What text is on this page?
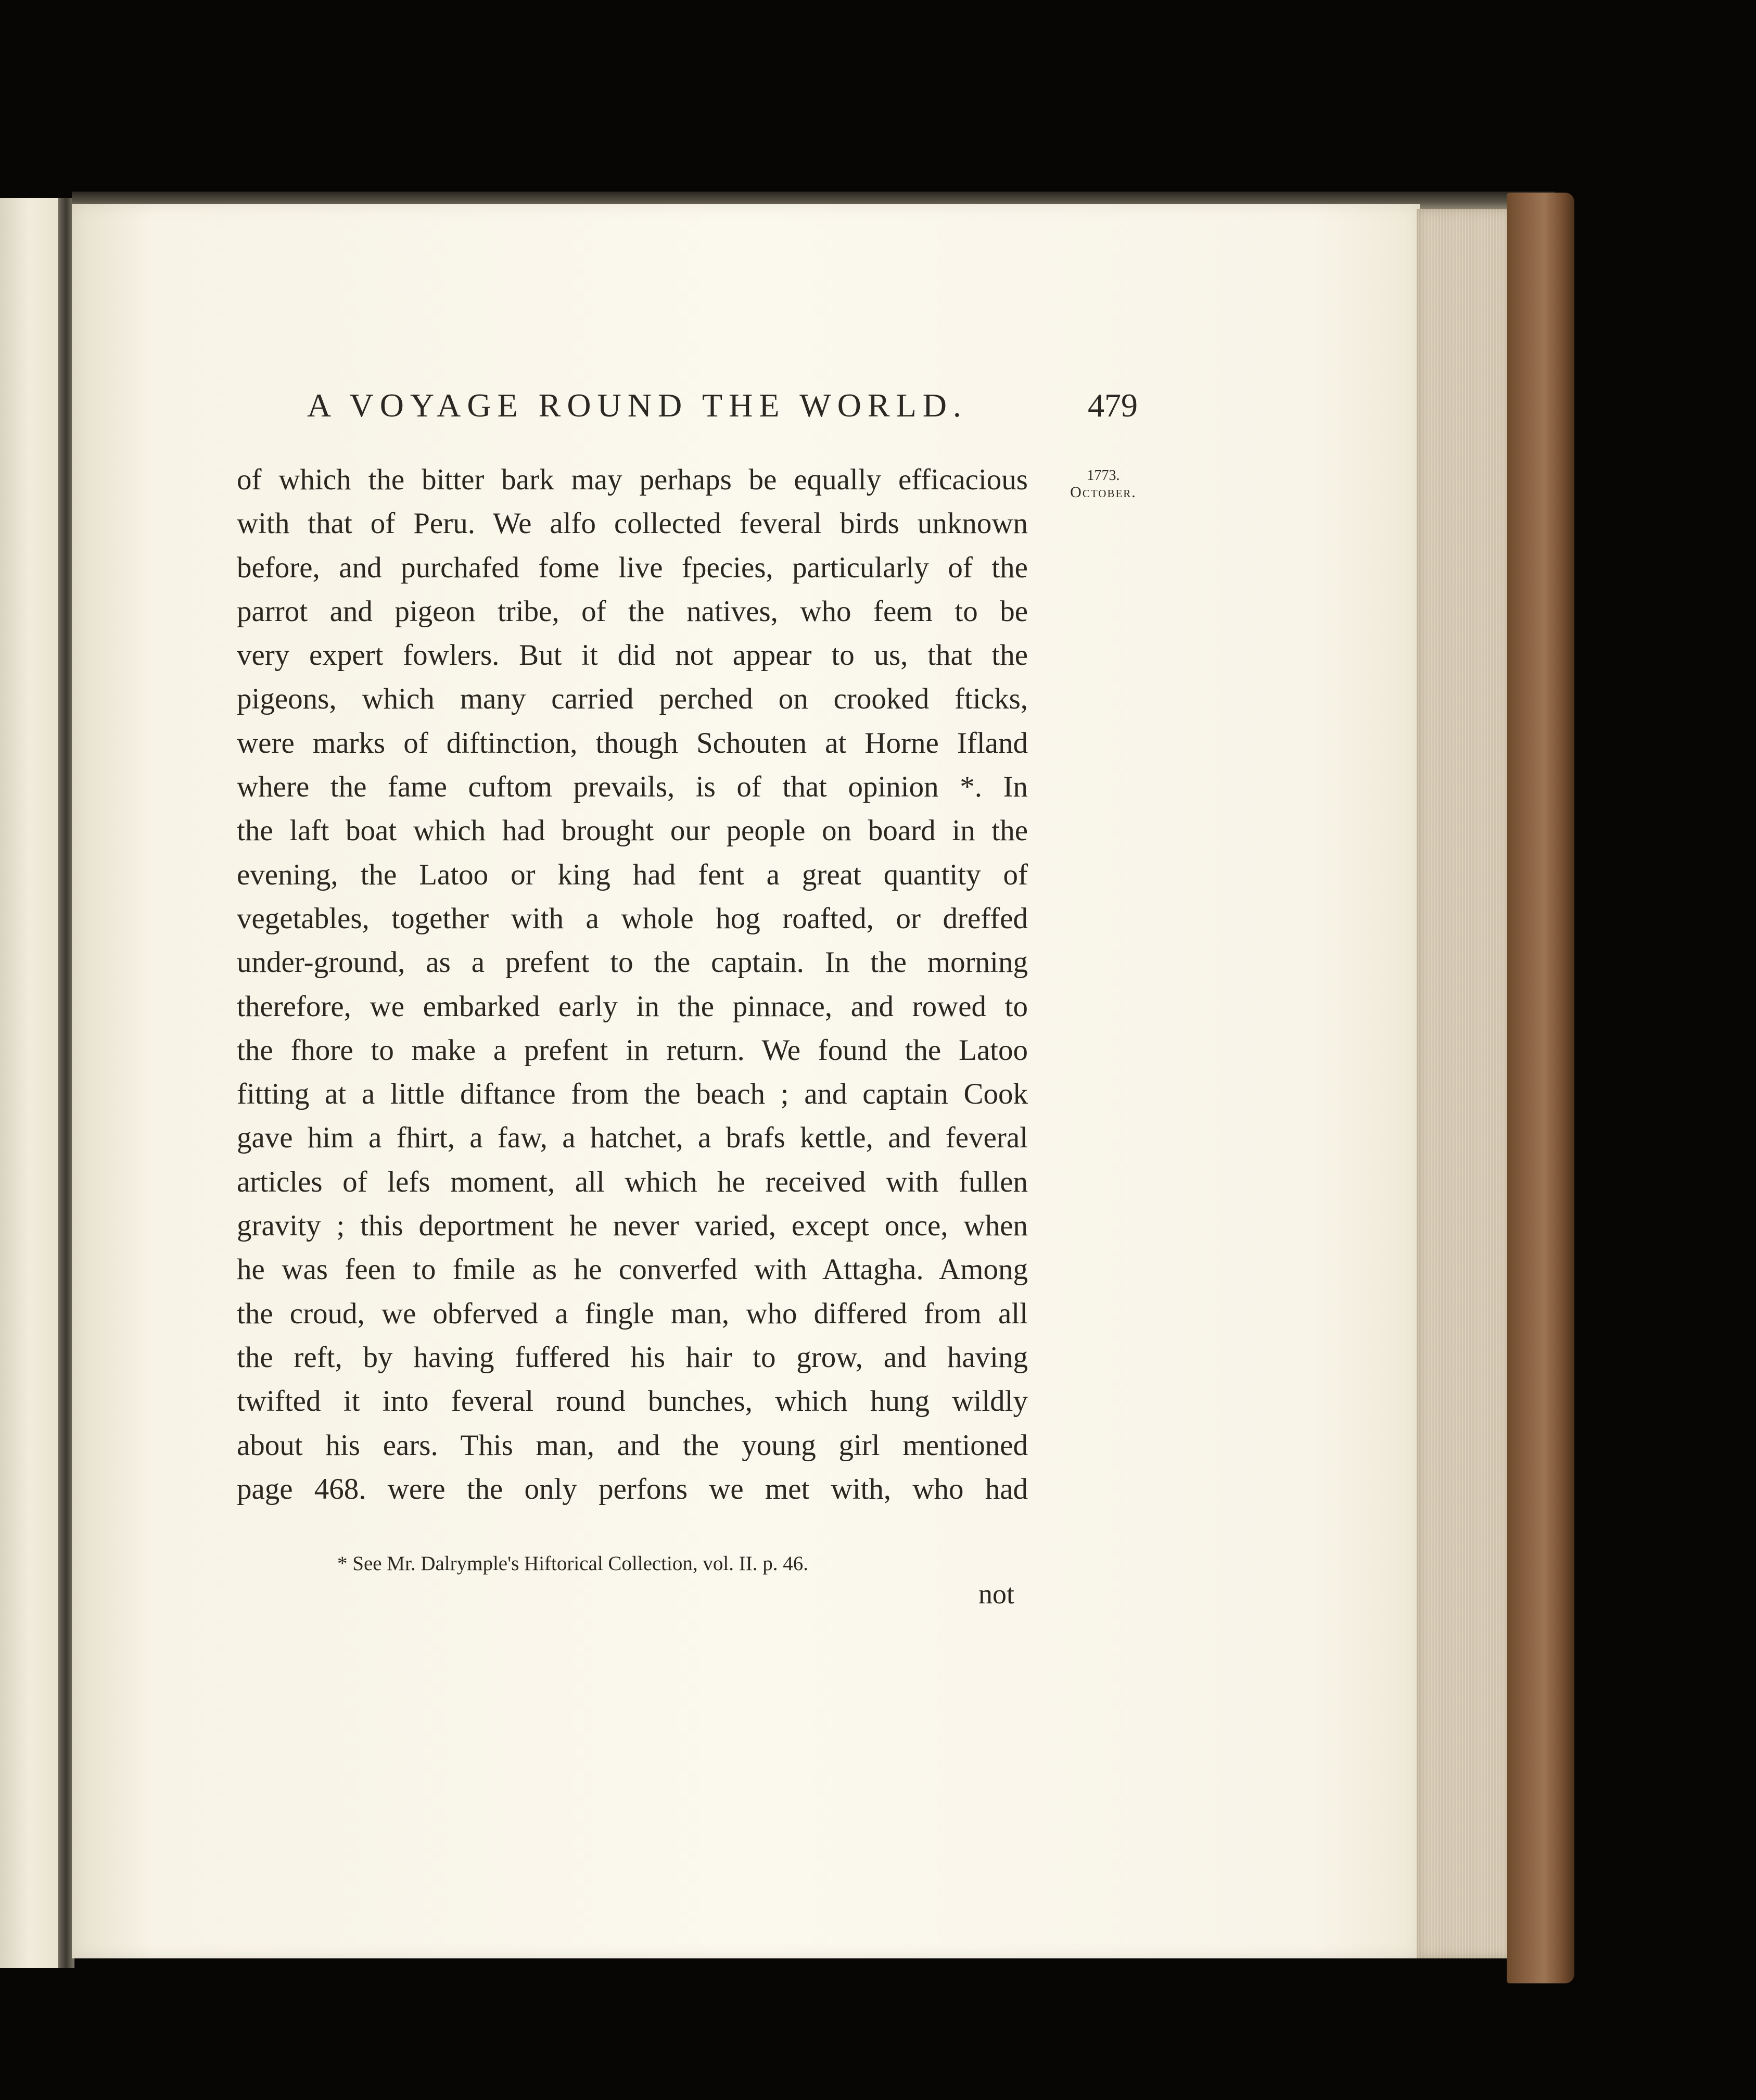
A VOYAGE ROUND THE WORLD.	479
1773.
October.
of which the bitter bark may perhaps be equally efficacious
with that of Peru. We alfo collected feveral birds unknown
before, and purchafed fome live fpecies, particularly of the
parrot and pigeon tribe, of the natives, who feem to be
very expert fowlers. But it did not appear to us, that the
pigeons, which many carried perched on crooked fticks,
were marks of diftinction, though Schouten at Horne Ifland
where the fame cuftom prevails, is of that opinion *. In
the laft boat which had brought our people on board in the
evening, the Latoo or king had fent a great quantity of
vegetables, together with a whole hog roafted, or dreffed
under-ground, as a prefent to the captain. In the morning
therefore, we embarked early in the pinnace, and rowed to
the fhore to make a prefent in return. We found the Latoo
fitting at a little diftance from the beach ; and captain Cook
gave him a fhirt, a faw, a hatchet, a brafs kettle, and feveral
articles of lefs moment, all which he received with fullen
gravity ; this deportment he never varied, except once, when
he was feen to fmile as he converfed with Attagha. Among
the croud, we obferved a fingle man, who differed from all
the reft, by having fuffered his hair to grow, and having
twifted it into feveral round bunches, which hung wildly
about his ears. This man, and the young girl mentioned
page 468. were the only perfons we met with, who had
* See Mr. Dalrymple's Hiftorical Collection, vol. II. p. 46.
not
